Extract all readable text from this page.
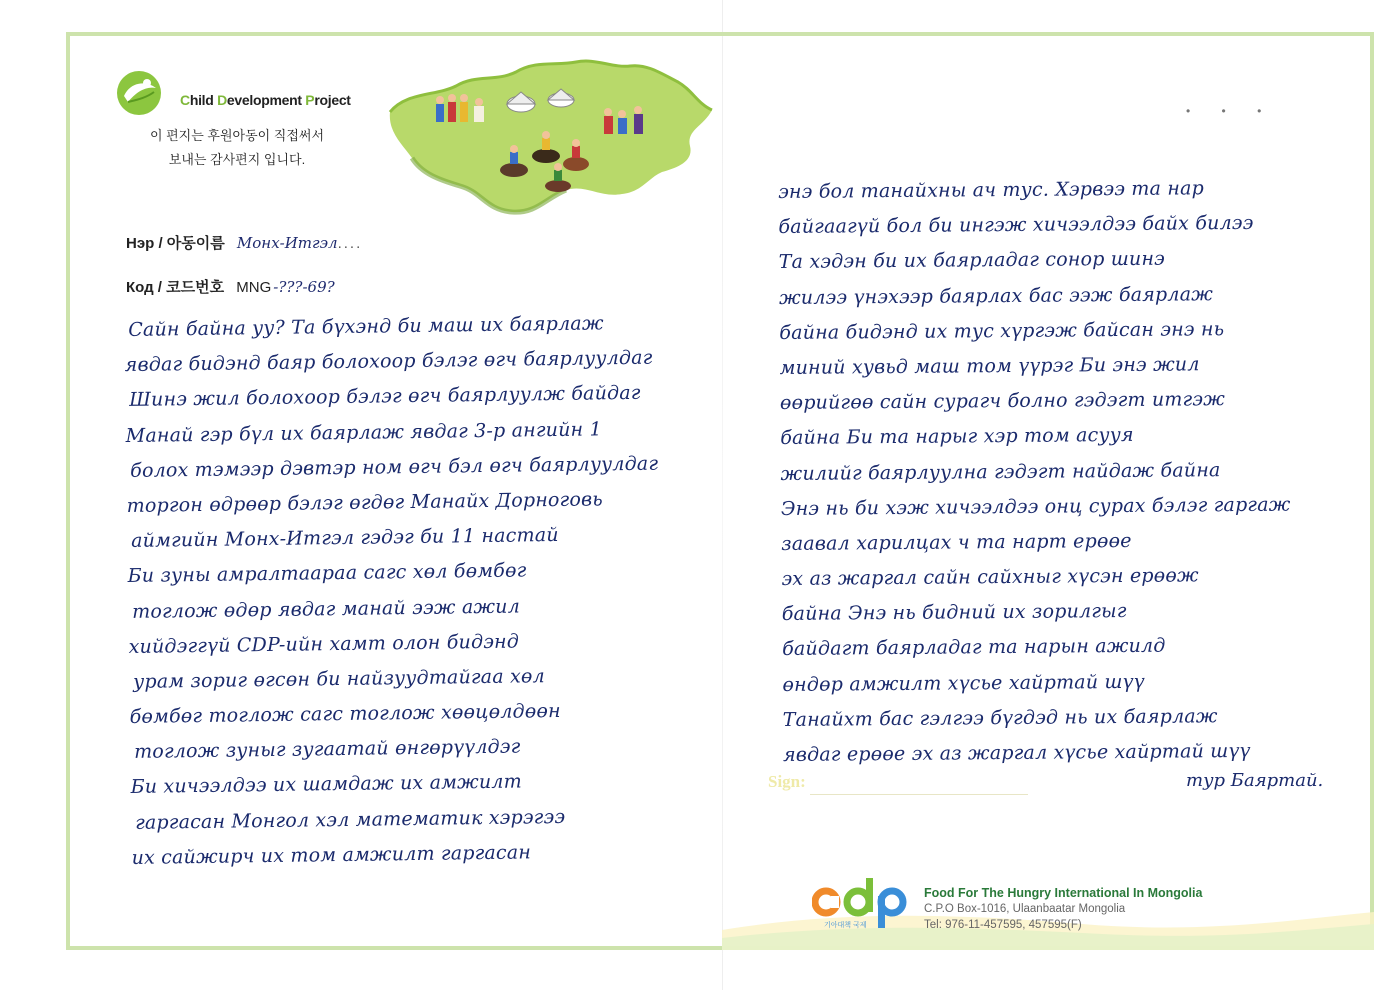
Child Development Project
이 편지는 후원아동이 직접써서
보내는 감사편지 입니다.
Нэр / 아동이름 Монх-Итгэл....
Код / 코드번호 MNG -???-69?
Сайн байна уу? Та бүхэнд би маш их баярлаж
явдаг бидэнд баяр болохоор бэлэг өгч баярлуулдаг
Шинэ жил болохоор бэлэг өгч баярлуулж байдаг
Манай гэр бүл их баярлаж явдаг 3-р ангийн 1
болох тэмээр дэвтэр ном өгч бэл өгч баярлуулдаг
торгон өдрөөр бэлэг өгдөг Манайх Дорноговь
аймгийн Монх-Итгэл гэдэг би 11 настай
Би зуны амралтаараа сагс хөл бөмбөг
тоглож өдөр явдаг манай ээж ажил
хийдэггүй CDP-ийн хамт олон бидэнд
урам зориг өгсөн би найзуудтайгаа хөл
бөмбөг тоглож сагс тоглож хөөцөлдөөн
тоглож зуныг зугаатай өнгөрүүлдэг
Би хичээлдээ их шамдаж их амжилт
гаргасан Монгол хэл математик хэрэгээ
их сайжирч их том амжилт гаргасан
• • •
энэ бол танайхны ач тус. Хэрвээ та нар
байгаагүй бол би ингэж хичээлдээ байх билээ
Та хэдэн би их баярладаг сонор шинэ
жилээ үнэхээр баярлах бас ээж баярлаж
байна бидэнд их тус хүргэж байсан энэ нь
миний хувьд маш том үүрэг Би энэ жил
өөрийгөө сайн сурагч болно гэдэгт итгэж
байна Би та нарыг хэр том асууя
жилийг баярлуулна гэдэгт найдаж байна
Энэ нь би хэж хичээлдээ онц сурах бэлэг гаргаж
заавал харилцах ч та нарт ерөөе
эх аз жаргал сайн сайхныг хүсэн ерөөж
байна Энэ нь бидний их зорилгыг
байдагт баярладаг та нарын ажилд
өндөр амжилт хүсье хайртай шүү
Танайхт бас гэлгээ бүгдэд нь их баярлаж
явдаг ерөөе эх аз жаргал хүсье хайртай шүү
Sign:	тур Баяртай.
기아대책 국제
Food For The Hungry International In Mongolia
C.P.O Box-1016, Ulaanbaatar Mongolia
Tel: 976-11-457595, 457595(F)
